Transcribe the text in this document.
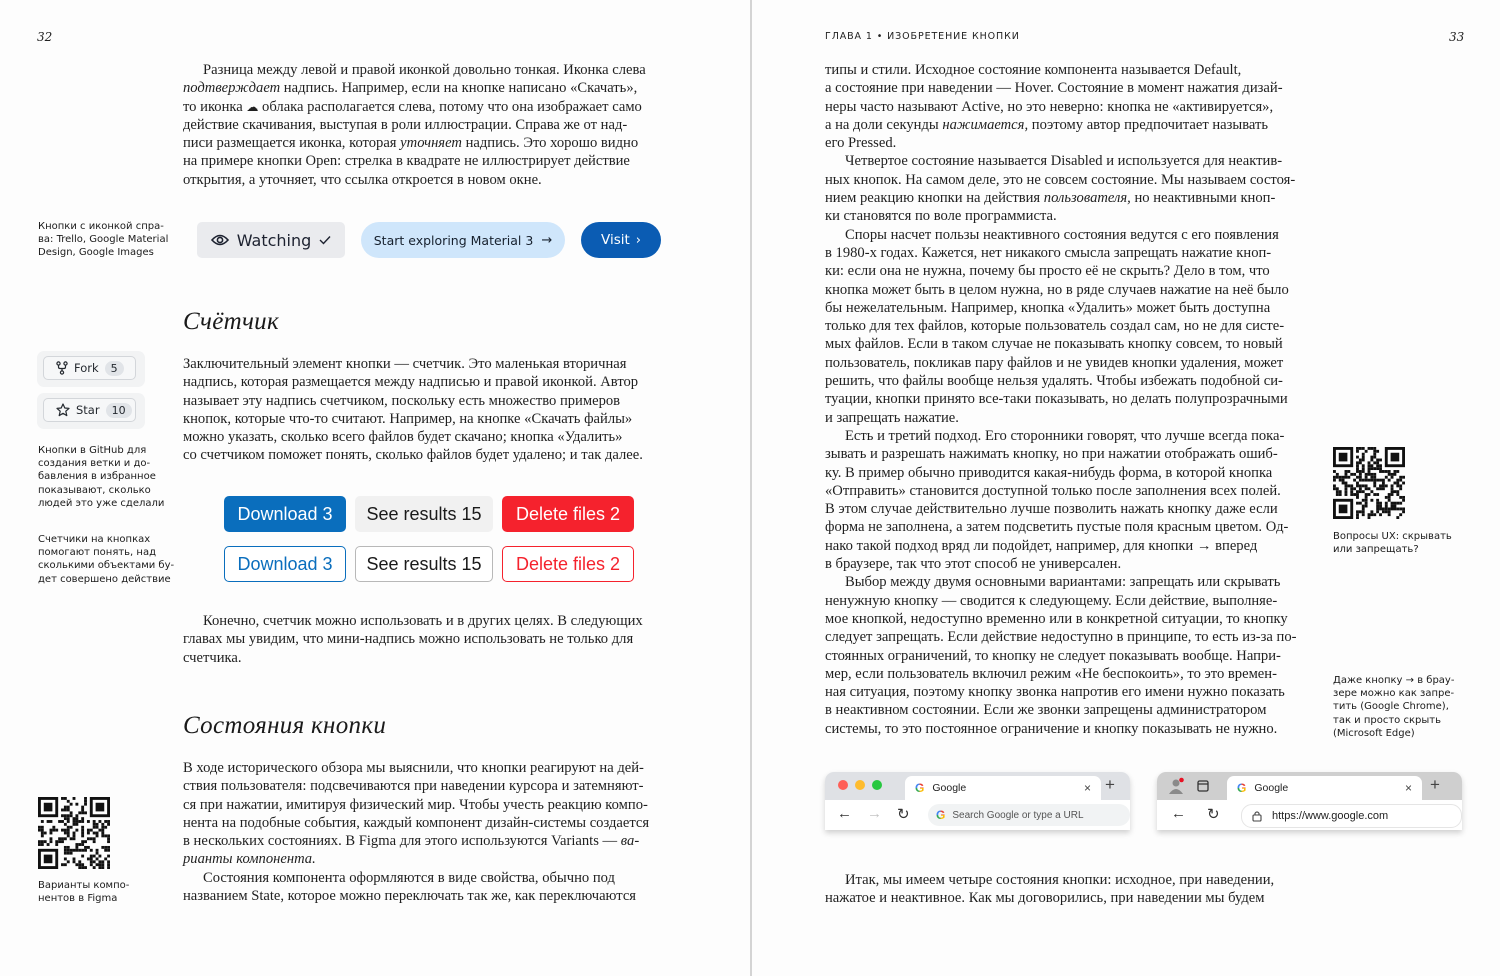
32
Разница между левой и правой иконкой довольно тонкая. Иконка слева
подтверждает надпись. Например, если на кнопке написано «Скачать»,
то иконка ☁ облака располагается слева, потому что она изображает само
действие скачивания, выступая в роли иллюстрации. Справа же от над-
писи размещается иконка, которая уточняет надпись. Это хорошо видно
на примере кнопки Open: стрелка в квадрате не иллюстрирует действие
открытия, а уточняет, что ссылка откроется в новом окне.
Кнопки с иконкой спра-
ва: Trello, Google Material
Design, Google Images
Watching	Start exploring Material 3 →	Visit ›
Счётчик
Fork	5
Star	10
Заключительный элемент кнопки — счетчик. Это маленькая вторичная
надпись, которая размещается между надписью и правой иконкой. Автор
называет эту надпись счетчиком, поскольку есть множество примеров
кнопок, которые что-то считают. Например, на кнопке «Скачать файлы»
можно указать, сколько всего файлов будет скачано; кнопка «Удалить»
со счетчиком поможет понять, сколько файлов будет удалено; и так далее.
Кнопки в GitHub для
создания ветки и до-
бавления в избранное
показывают, сколько
людей это уже сделали
Счетчики на кнопках
помогают понять, над
сколькими объектами бу-
дет совершено действие
Download 3	See results 15	Delete files 2
Download 3	See results 15	Delete files 2
Конечно, счетчик можно использовать и в других целях. В следующих
главах мы увидим, что мини-надпись можно использовать не только для
счетчика.
Состояния кнопки
В ходе исторического обзора мы выяснили, что кнопки реагируют на дей-
ствия пользователя: подсвечиваются при наведении курсора и затемняют-
ся при нажатии, имитируя физический мир. Чтобы учесть реакцию компо-
нента на подобные события, каждый компонент дизайн-системы создается
в нескольких состояниях. В Figma для этого используются Variants — ва-
рианты компонента.
Состояния компонента оформляются в виде свойства, обычно под
названием State, которое можно переключать так же, как переключаются
Варианты компо-
нентов в Figma
ГЛАВА 1 • ИЗОБРЕТЕНИЕ КНОПКИ	33
типы и стили. Исходное состояние компонента называется Default,
а состояние при наведении — Hover. Состояние в момент нажатия дизай-
неры часто называют Active, но это неверно: кнопка не «активируется»,
а на доли секунды нажимается, поэтому автор предпочитает называть
его Pressed.
Четвертое состояние называется Disabled и используется для неактив-
ных кнопок. На самом деле, это не совсем состояние. Мы называем состоя-
нием реакцию кнопки на действия пользователя, но неактивными кноп-
ки становятся по воле программиста.
Споры насчет пользы неактивного состояния ведутся с его появления
в 1980-х годах. Кажется, нет никакого смысла запрещать нажатие кноп-
ки: если она не нужна, почему бы просто её не скрыть? Дело в том, что
кнопка может быть в целом нужна, но в ряде случаев нажатие на неё было
бы нежелательным. Например, кнопка «Удалить» может быть доступна
только для тех файлов, которые пользователь создал сам, но не для систе-
мых файлов. Если в таком случае не показывать кнопку совсем, то новый
пользователь, покликав пару файлов и не увидев кнопки удаления, может
решить, что файлы вообще нельзя удалять. Чтобы избежать подобной си-
туации, кнопки принято все-таки показывать, но делать полупрозрачными
и запрещать нажатие.
Есть и третий подход. Его сторонники говорят, что лучше всегда пока-
зывать и разрешать нажимать кнопку, но при нажатии отображать ошиб-
ку. В пример обычно приводится какая-нибудь форма, в которой кнопка
«Отправить» становится доступной только после заполнения всех полей.
В этом случае действительно лучше позволить нажать кнопку даже если
форма не заполнена, а затем подсветить пустые поля красным цветом. Од-
нако такой подход вряд ли подойдет, например, для кнопки → вперед
в браузере, так что этот способ не универсален.
Выбор между двумя основными вариантами: запрещать или скрывать
ненужную кнопку — сводится к следующему. Если действие, выполняе-
мое кнопкой, недоступно временно или в конкретной ситуации, то кнопку
следует запрещать. Если действие недоступно в принципе, то есть из-за по-
стоянных ограничений, то кнопку не следует показывать вообще. Напри-
мер, если пользователь включил режим «Не беспокоить», то это времен-
ная ситуация, поэтому кнопку звонка напротив его имени нужно показать
в неактивном состоянии. Если же звонки запрещены администратором
системы, то это постоянное ограничение и кнопку показывать не нужно.
Вопросы UX: скрывать
или запрещать?
Даже кнопку → в брау-
зере можно как запре-
тить (Google Chrome),
так и просто скрыть
(Microsoft Edge)
Итак, мы имеем четыре состояния кнопки: исходное, при наведении,
нажатое и неактивное. Как мы договорились, при наведении мы будем
G Google	× +
← → ↻ G Search Google or type a URL
G Google	× +
← ↻	https://www.google.com
